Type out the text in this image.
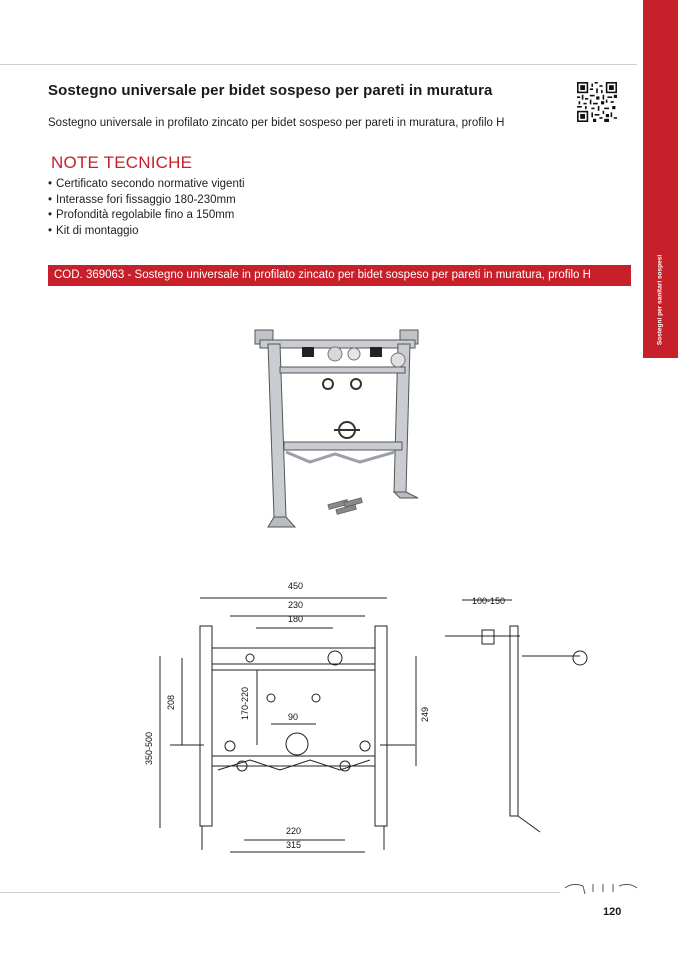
Sostegni per sanitari sospesi
Sostegno universale per bidet sospeso per pareti in muratura
Sostegno universale in profilato zincato per bidet sospeso per pareti in muratura, profilo H
NOTE TECNICHE
• Certificato secondo normative vigenti
• Interasse fori fissaggio 180-230mm
• Profondità regolabile fino a 150mm
• Kit di montaggio
COD. 369063 - Sostegno universale in profilato zincato per bidet sospeso per pareti in muratura, profilo H
450
230
180
350-500
208	170-220	90	249
220
315
100-150
120
